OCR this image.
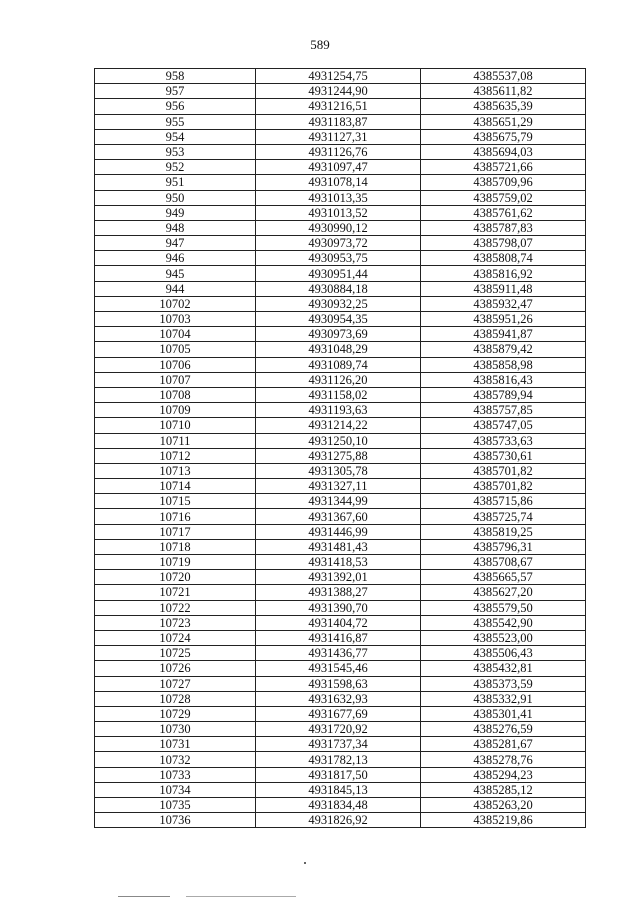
589
958	4931254,75	4385537,08
957	4931244,90	4385611,82
956	4931216,51	4385635,39
955	4931183,87	4385651,29
954	4931127,31	4385675,79
953	4931126,76	4385694,03
952	4931097,47	4385721,66
951	4931078,14	4385709,96
950	4931013,35	4385759,02
949	4931013,52	4385761,62
948	4930990,12	4385787,83
947	4930973,72	4385798,07
946	4930953,75	4385808,74
945	4930951,44	4385816,92
944	4930884,18	4385911,48
10702	4930932,25	4385932,47
10703	4930954,35	4385951,26
10704	4930973,69	4385941,87
10705	4931048,29	4385879,42
10706	4931089,74	4385858,98
10707	4931126,20	4385816,43
10708	4931158,02	4385789,94
10709	4931193,63	4385757,85
10710	4931214,22	4385747,05
10711	4931250,10	4385733,63
10712	4931275,88	4385730,61
10713	4931305,78	4385701,82
10714	4931327,11	4385701,82
10715	4931344,99	4385715,86
10716	4931367,60	4385725,74
10717	4931446,99	4385819,25
10718	4931481,43	4385796,31
10719	4931418,53	4385708,67
10720	4931392,01	4385665,57
10721	4931388,27	4385627,20
10722	4931390,70	4385579,50
10723	4931404,72	4385542,90
10724	4931416,87	4385523,00
10725	4931436,77	4385506,43
10726	4931545,46	4385432,81
10727	4931598,63	4385373,59
10728	4931632,93	4385332,91
10729	4931677,69	4385301,41
10730	4931720,92	4385276,59
10731	4931737,34	4385281,67
10732	4931782,13	4385278,76
10733	4931817,50	4385294,23
10734	4931845,13	4385285,12
10735	4931834,48	4385263,20
10736	4931826,92	4385219,86
